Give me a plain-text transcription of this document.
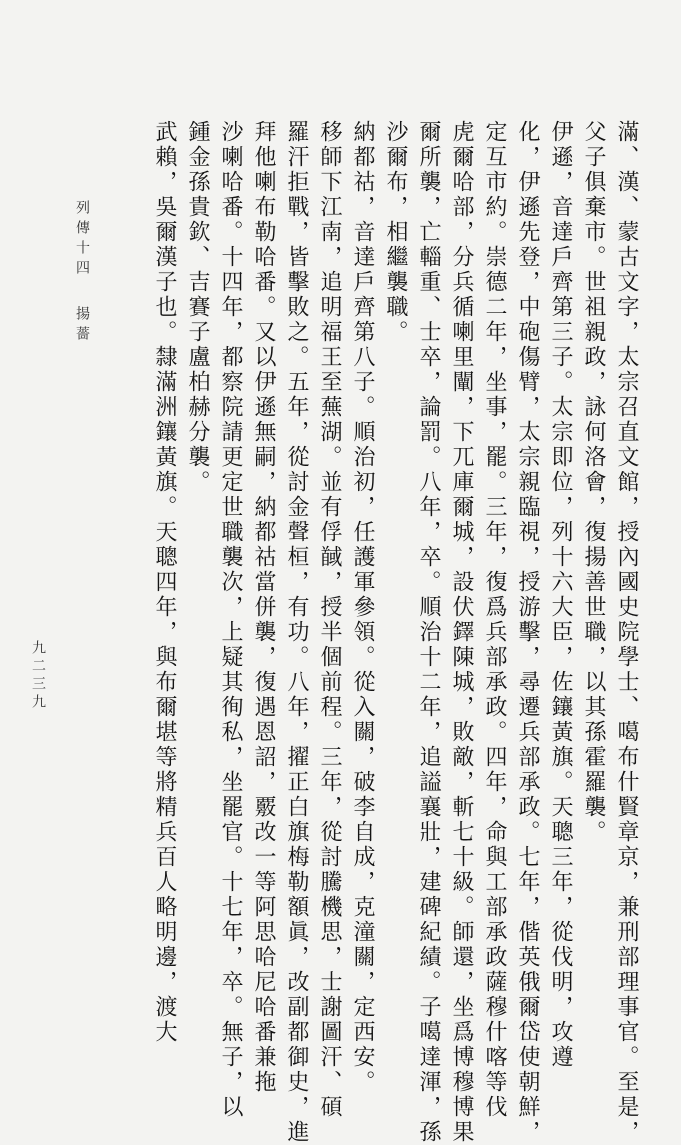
列傳十四揚薔	滿、漢、蒙古文字，太宗召直文館，授內國史院學士、噶布什賢章京，兼刑部理事官。至是，
父子俱棄市。世祖親政，詠何洛會，復揚善世職，以其孫霍羅襲。
伊遜，音達戶齊第三子。太宗即位，列十六大臣，佐鑲黃旗。天聰三年，從伐明，攻遵
化，伊遜先登，中砲傷臂，太宗親臨視，授游擊，尋遷兵部承政。七年，偕英俄爾岱使朝鮮，
定互市約。崇德二年，坐事，罷。三年，復爲兵部承政。四年，命與工部承政薩穆什喀等伐
虎爾哈部，分兵循喇里闡，下兀庫爾城，設伏鐸陳城，敗敵，斬七十級。師還，坐爲博穆博果
爾所襲，亡輜重、士卒，論罰。八年，卒。順治十二年，追謚襄壯，建碑紀績。子噶達渾，孫
沙爾布，相繼襲職。
納都祜，音達戶齊第八子。順治初，任護軍參領。從入關，破李自成，克潼關，定西安。
移師下江南，追明福王至蕪湖。並有俘馘，授半個前程。三年，從討騰機思，士謝圖汗、碩
羅汗拒戰，皆擊敗之。五年，從討金聲桓，有功。八年，擢正白旗梅勒額眞，改副都御史，進
拜他喇布勒哈番。又以伊遜無嗣，納都祜當併襲，復遇恩詔，覈改一等阿思哈尼哈番兼拖
沙喇哈番。十四年，都察院請更定世職襲次，上疑其徇私，坐罷官。十七年，卒。無子，以
鍾金孫貴欽、吉賽子盧柏赫分襲。
武賴，吳爾漢子也。隸滿洲鑲黃旗。天聰四年，與布爾堪等將精兵百人略明邊，渡大
九二三九
